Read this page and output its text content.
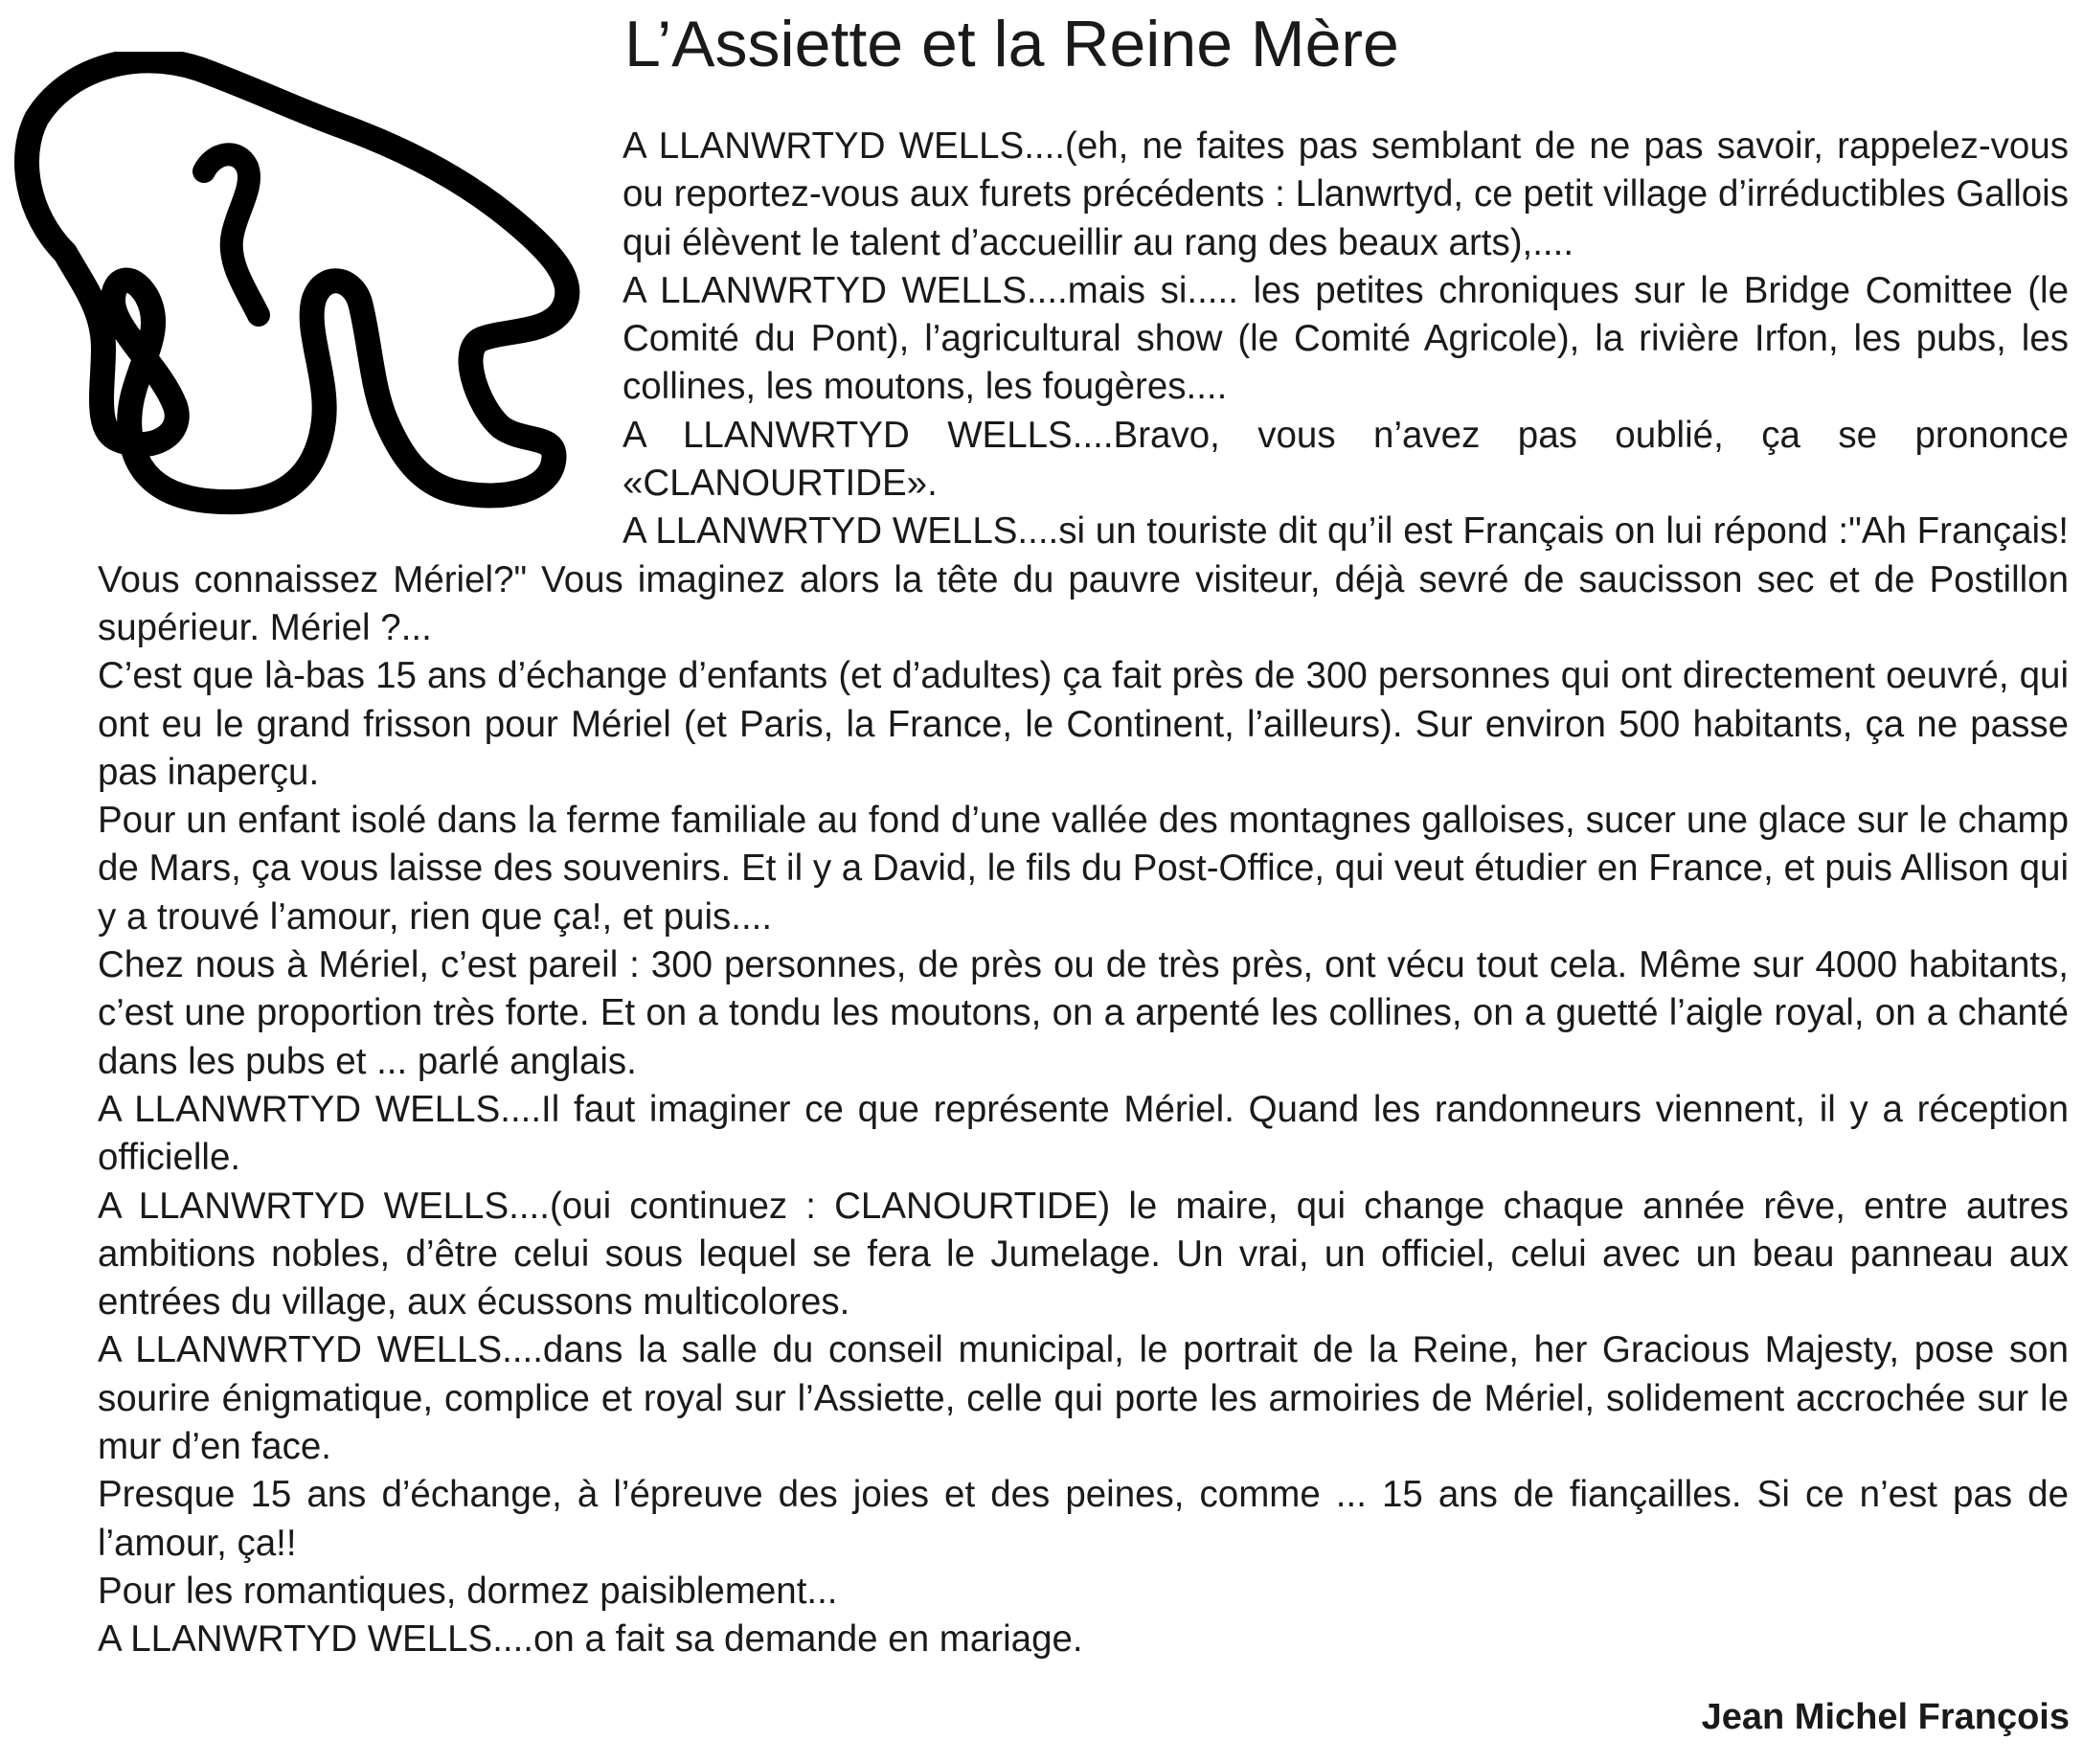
L’Assiette et la Reine Mère

A LLANWRTYD WELLS....(eh, ne faites pas semblant de ne pas savoir, rappelez-vous ou reportez-vous aux furets précédents : Llanwrtyd, ce petit village d’irréductibles Gallois qui élèvent le talent d’accueillir au rang des beaux arts),....

A LLANWRTYD WELLS....mais si..... les petites chroniques sur le Bridge Comittee (le Comité du Pont), l’agricultural show (le Comité Agricole), la rivière Irfon, les pubs, les collines, les moutons, les fougères....

A LLANWRTYD WELLS....Bravo, vous n’avez pas oublié, ça se prononce «CLANOURTIDE».

A LLANWRTYD WELLS....si un touriste dit qu’il est Français on lui répond :"Ah Français! Vous connaissez Mériel?" Vous imaginez alors la tête du pauvre visiteur, déjà sevré de saucisson sec et de Postillon supérieur. Mériel ?...

C’est que là-bas 15 ans d’échange d’enfants (et d’adultes) ça fait près de 300 personnes qui ont directement oeuvré, qui ont eu le grand frisson pour Mériel (et Paris, la France, le Continent, l’ailleurs). Sur environ 500 habitants, ça ne passe pas inaperçu.

Pour un enfant isolé dans la ferme familiale au fond d’une vallée des montagnes galloises, sucer une glace sur le champ de Mars, ça vous laisse des souvenirs. Et il y a David, le fils du Post-Office, qui veut étudier en France, et puis Allison qui y a trouvé l’amour, rien que ça!, et puis....

Chez nous à Mériel, c’est pareil : 300 personnes, de près ou de très près, ont vécu tout cela. Même sur 4000 habitants, c’est une proportion très forte. Et on a tondu les moutons, on a arpenté les collines, on a guetté l’aigle royal, on a chanté dans les pubs et ... parlé anglais.

A LLANWRTYD WELLS....Il faut imaginer ce que représente Mériel. Quand les randonneurs viennent, il y a réception officielle.

A LLANWRTYD WELLS....(oui continuez : CLANOURTIDE) le maire, qui change chaque année rêve, entre autres ambitions nobles, d’être celui sous lequel se fera le Jumelage. Un vrai, un officiel, celui avec un beau panneau aux entrées du village, aux écussons multicolores.

A LLANWRTYD WELLS....dans la salle du conseil municipal, le portrait de la Reine, her Gracious Majesty, pose son sourire énigmatique, complice et royal sur l’Assiette, celle qui porte les armoiries de Mériel, solidement accrochée sur le mur d’en face.

Presque 15 ans d’échange, à l’épreuve des joies et des peines, comme ... 15 ans de fiançailles. Si ce n’est pas de l’amour, ça!!

Pour les romantiques, dormez paisiblement...

A LLANWRTYD WELLS....on a fait sa demande en mariage.

Jean Michel François
